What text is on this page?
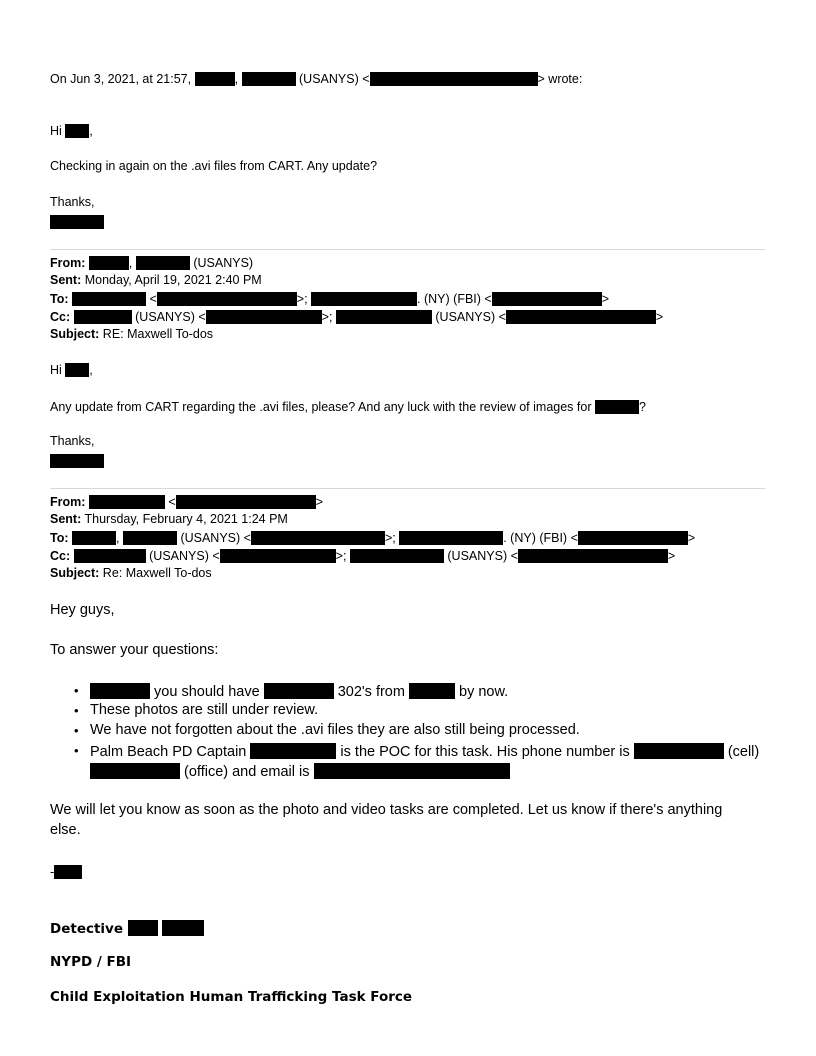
On Jun 3, 2021, at 21:57,	,	(USANYS) <	> wrote:
Hi ,
Checking in again on the .avi files from CART. Any update?
Thanks,
From:	,	(USANYS)
Sent: Monday, April 19, 2021 2:40 PM
To:	<	>;	. (NY) (FBI) <	>
Cc:	(USANYS) <	>;	(USANYS) <	>
Subject: RE: Maxwell To-dos
Hi ,
Any update from CART regarding the .avi files, please? And any luck with the review of images for	?
Thanks,
From:	<	>
Sent: Thursday, February 4, 2021 1:24 PM
To:	,	(USANYS) <	>;	. (NY) (FBI) <	>
Cc:	(USANYS) <	>;	(USANYS) <	>
Subject: Re: Maxwell To-dos
Hey guys,
To answer your questions:
•	you should have	302's from	by now.
• These photos are still under review.
• We have not forgotten about the .avi files they are also still being processed.
• Palm Beach PD Captain	is the POC for this task. His phone number is	(cell)
(office) and email is
We will let you know as soon as the photo and video tasks are completed. Let us know if there's anything
else.
-
Detective
NYPD / FBI
Child Exploitation Human Trafficking Task Force
